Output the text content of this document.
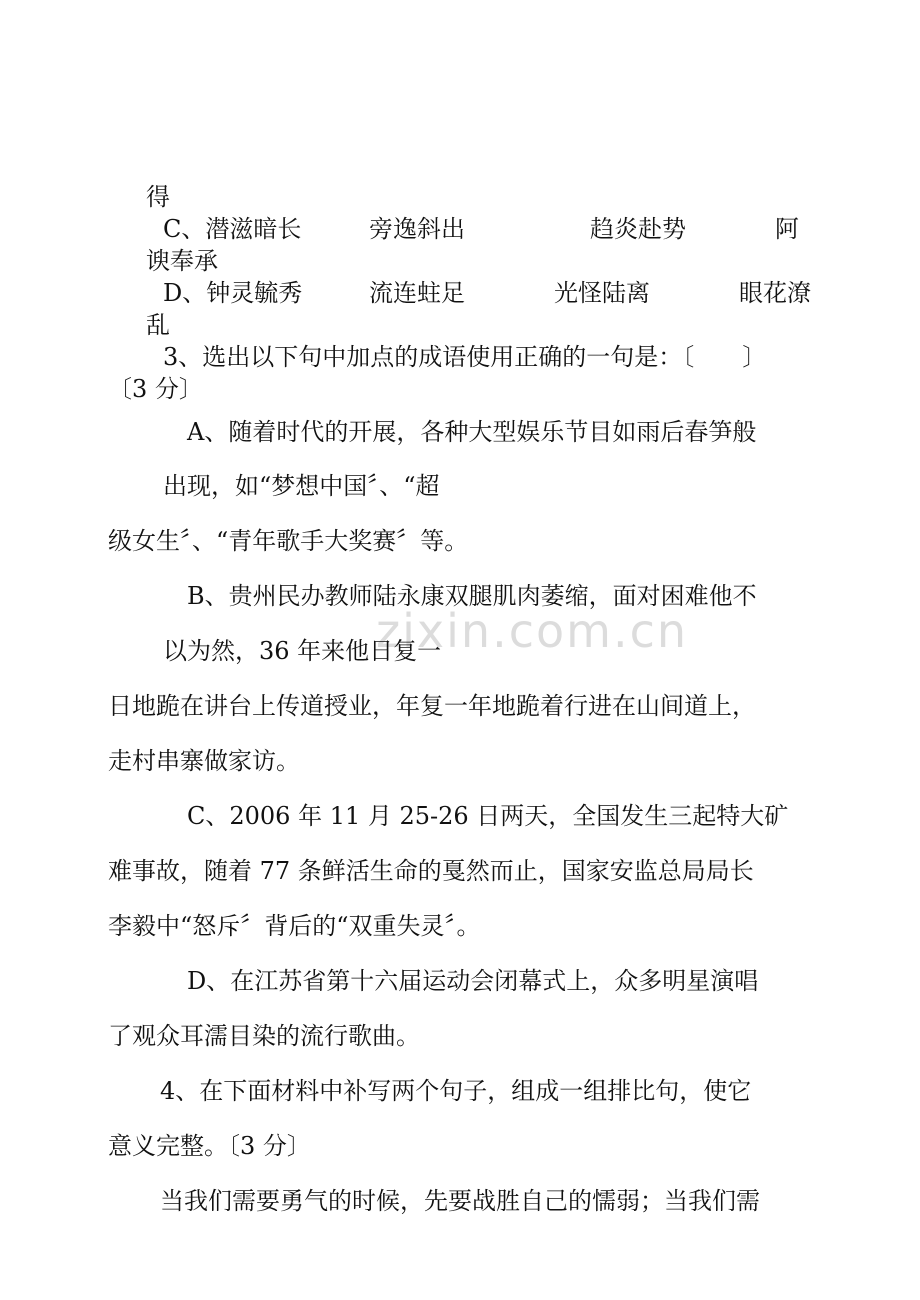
zixin.com.cn
得
C、潜滋暗长	旁逸斜出	趋炎赴势	阿
谀奉承
D、钟灵毓秀	流连蛀足	光怪陆离	眼花潦
乱
3、选出以下句中加点的成语使用正确的一句是：〔　　〕
〔3 分〕
A、随着时代的开展，各种大型娱乐节目如雨后春笋般
出现，如“梦想中国〞、“超
级女生〞、“青年歌手大奖赛〞等。
B、贵州民办教师陆永康双腿肌肉萎缩，面对困难他不
以为然，36 年来他日复一
日地跪在讲台上传道授业，年复一年地跪着行进在山间道上，
走村串寨做家访。
C、2006 年 11 月 25-26 日两天，全国发生三起特大矿
难事故，随着 77 条鲜活生命的戛然而止，国家安监总局局长
李毅中“怒斥〞背后的“双重失灵〞。
D、在江苏省第十六届运动会闭幕式上，众多明星演唱
了观众耳濡目染的流行歌曲。
4、在下面材料中补写两个句子，组成一组排比句，使它
意义完整。〔3 分〕
当我们需要勇气的时候，先要战胜自己的懦弱；当我们需
